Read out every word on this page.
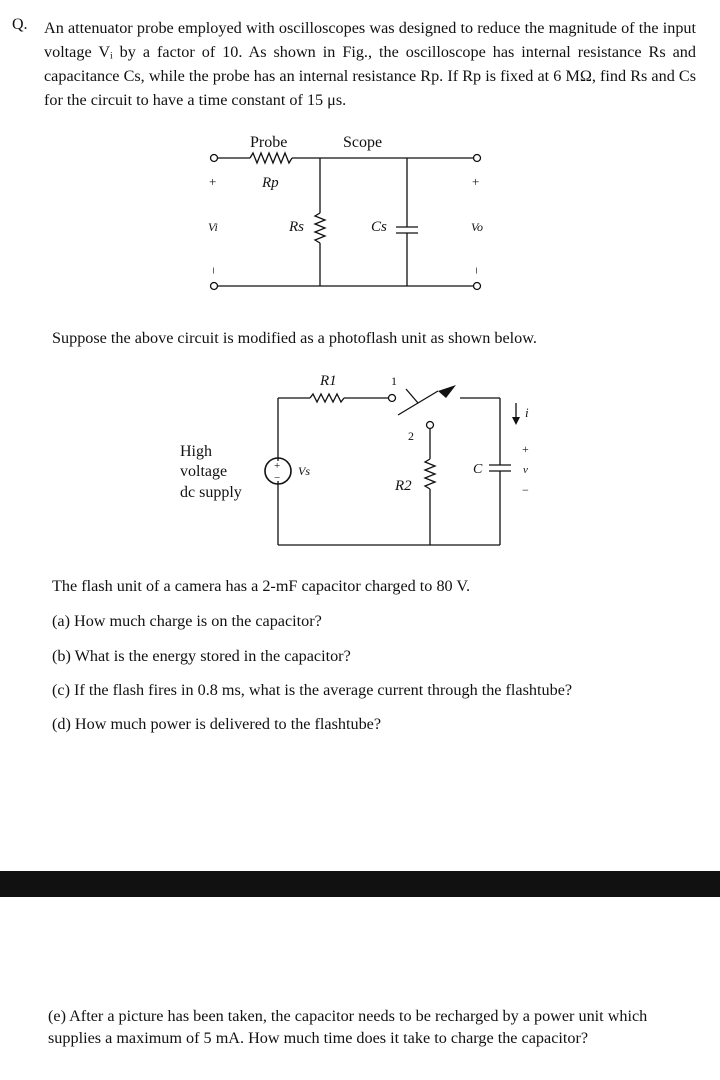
Q. An attenuator probe employed with oscilloscopes was designed to reduce the magnitude of the input voltage Vᵢ by a factor of 10. As shown in Fig., the oscilloscope has internal resistance Rs and capacitance Cs, while the probe has an internal resistance Rp. If Rp is fixed at 6 MΩ, find Rs and Cs for the circuit to have a time constant of 15 μs.
Probe	Scope
Rp
Rs	Cs
Vi	Vo
+	+
−	−
Suppose the above circuit is modified as a photoflash unit as shown below.
High
voltage
dc supply
+
− Vs
R1	1
2
R2
C
i
+
v
−
The flash unit of a camera has a 2-mF capacitor charged to 80 V.
(a) How much charge is on the capacitor?
(b) What is the energy stored in the capacitor?
(c) If the flash fires in 0.8 ms, what is the average current through the flashtube?
(d) How much power is delivered to the flashtube?
(e) After a picture has been taken, the capacitor needs to be recharged by a power unit which supplies a maximum of 5 mA. How much time does it take to charge the capacitor?
